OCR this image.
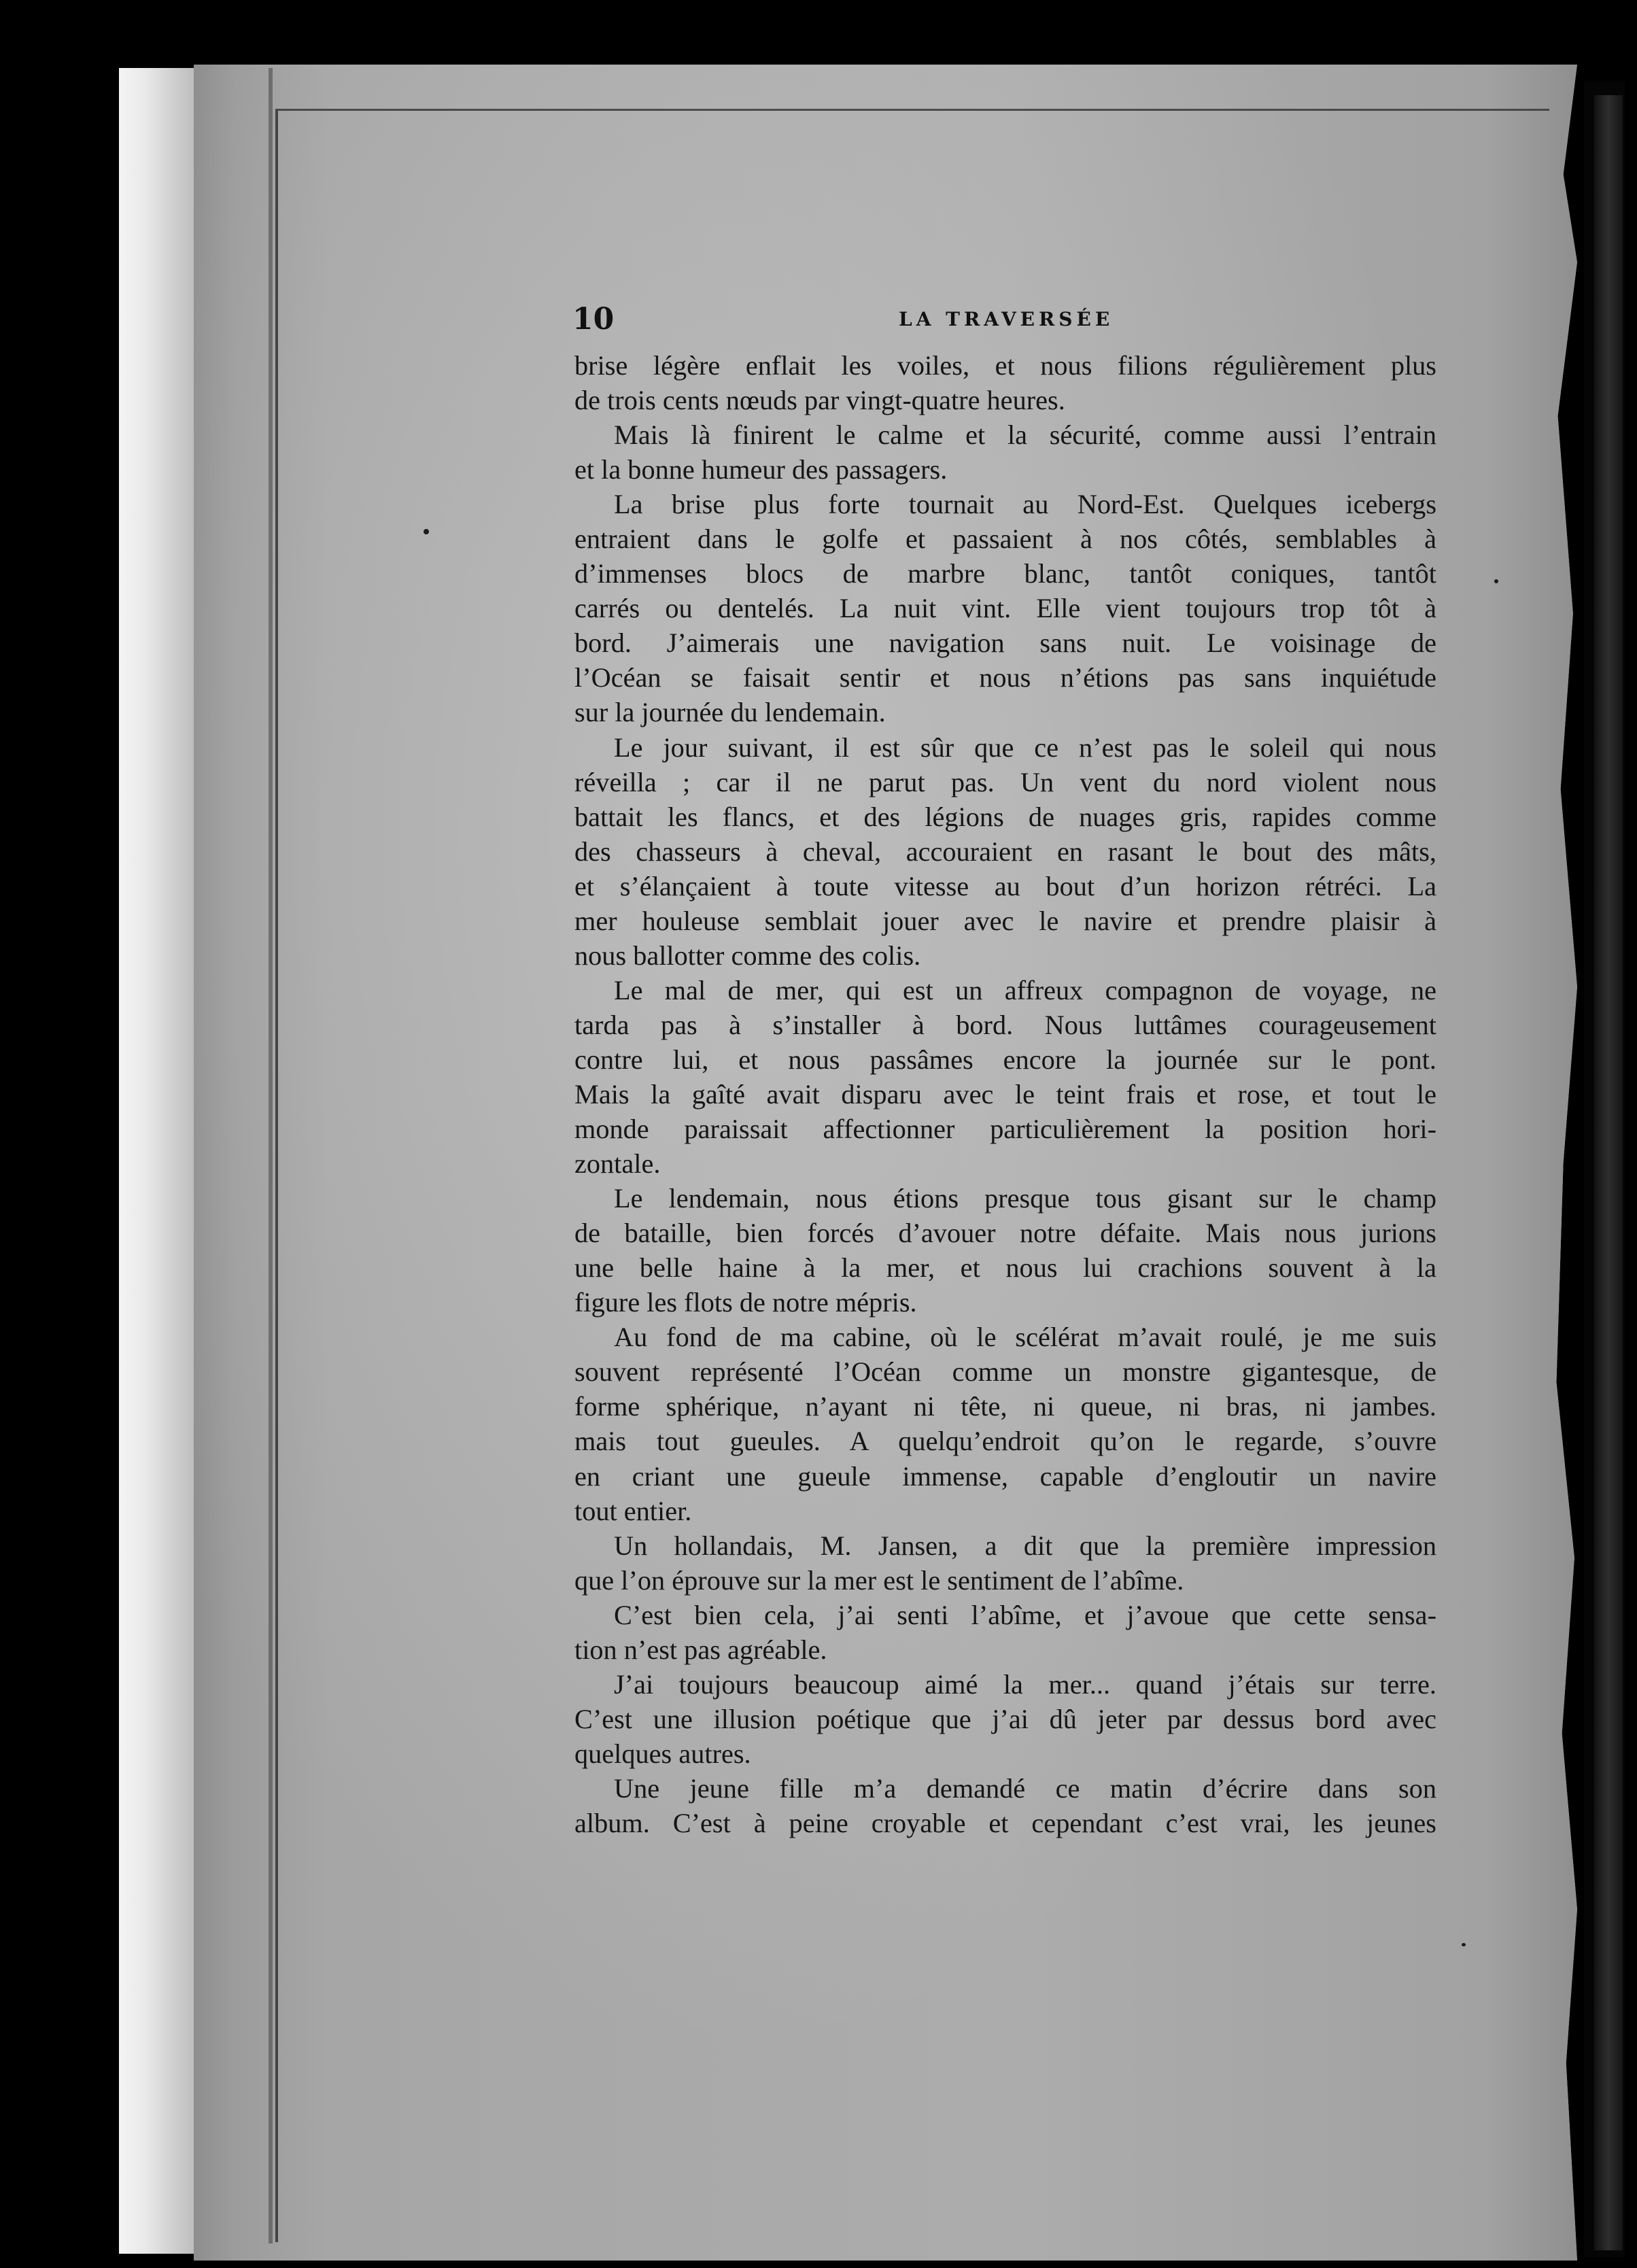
10	LA TRAVERSÉE
brise légère enflait les voiles, et nous filions régulièrement plus
de trois cents nœuds par vingt-quatre heures.
Mais là finirent le calme et la sécurité, comme aussi l’entrain
et la bonne humeur des passagers.
La brise plus forte tournait au Nord-Est. Quelques icebergs
entraient dans le golfe et passaient à nos côtés, semblables à
d’immenses blocs de marbre blanc, tantôt coniques, tantôt
carrés ou dentelés. La nuit vint. Elle vient toujours trop tôt à
bord. J’aimerais une navigation sans nuit. Le voisinage de
l’Océan se faisait sentir et nous n’étions pas sans inquiétude
sur la journée du lendemain.
Le jour suivant, il est sûr que ce n’est pas le soleil qui nous
réveilla ; car il ne parut pas. Un vent du nord violent nous
battait les flancs, et des légions de nuages gris, rapides comme
des chasseurs à cheval, accouraient en rasant le bout des mâts,
et s’élançaient à toute vitesse au bout d’un horizon rétréci. La
mer houleuse semblait jouer avec le navire et prendre plaisir à
nous ballotter comme des colis.
Le mal de mer, qui est un affreux compagnon de voyage, ne
tarda pas à s’installer à bord. Nous luttâmes courageusement
contre lui, et nous passâmes encore la journée sur le pont.
Mais la gaîté avait disparu avec le teint frais et rose, et tout le
monde paraissait affectionner particulièrement la position hori-
zontale.
Le lendemain, nous étions presque tous gisant sur le champ
de bataille, bien forcés d’avouer notre défaite. Mais nous jurions
une belle haine à la mer, et nous lui crachions souvent à la
figure les flots de notre mépris.
Au fond de ma cabine, où le scélérat m’avait roulé, je me suis
souvent représenté l’Océan comme un monstre gigantesque, de
forme sphérique, n’ayant ni tête, ni queue, ni bras, ni jambes.
mais tout gueules. A quelqu’endroit qu’on le regarde, s’ouvre
en criant une gueule immense, capable d’engloutir un navire
tout entier.
Un hollandais, M. Jansen, a dit que la première impression
que l’on éprouve sur la mer est le sentiment de l’abîme.
C’est bien cela, j’ai senti l’abîme, et j’avoue que cette sensa-
tion n’est pas agréable.
J’ai toujours beaucoup aimé la mer... quand j’étais sur terre.
C’est une illusion poétique que j’ai dû jeter par dessus bord avec
quelques autres.
Une jeune fille m’a demandé ce matin d’écrire dans son
album. C’est à peine croyable et cependant c’est vrai, les jeunes
